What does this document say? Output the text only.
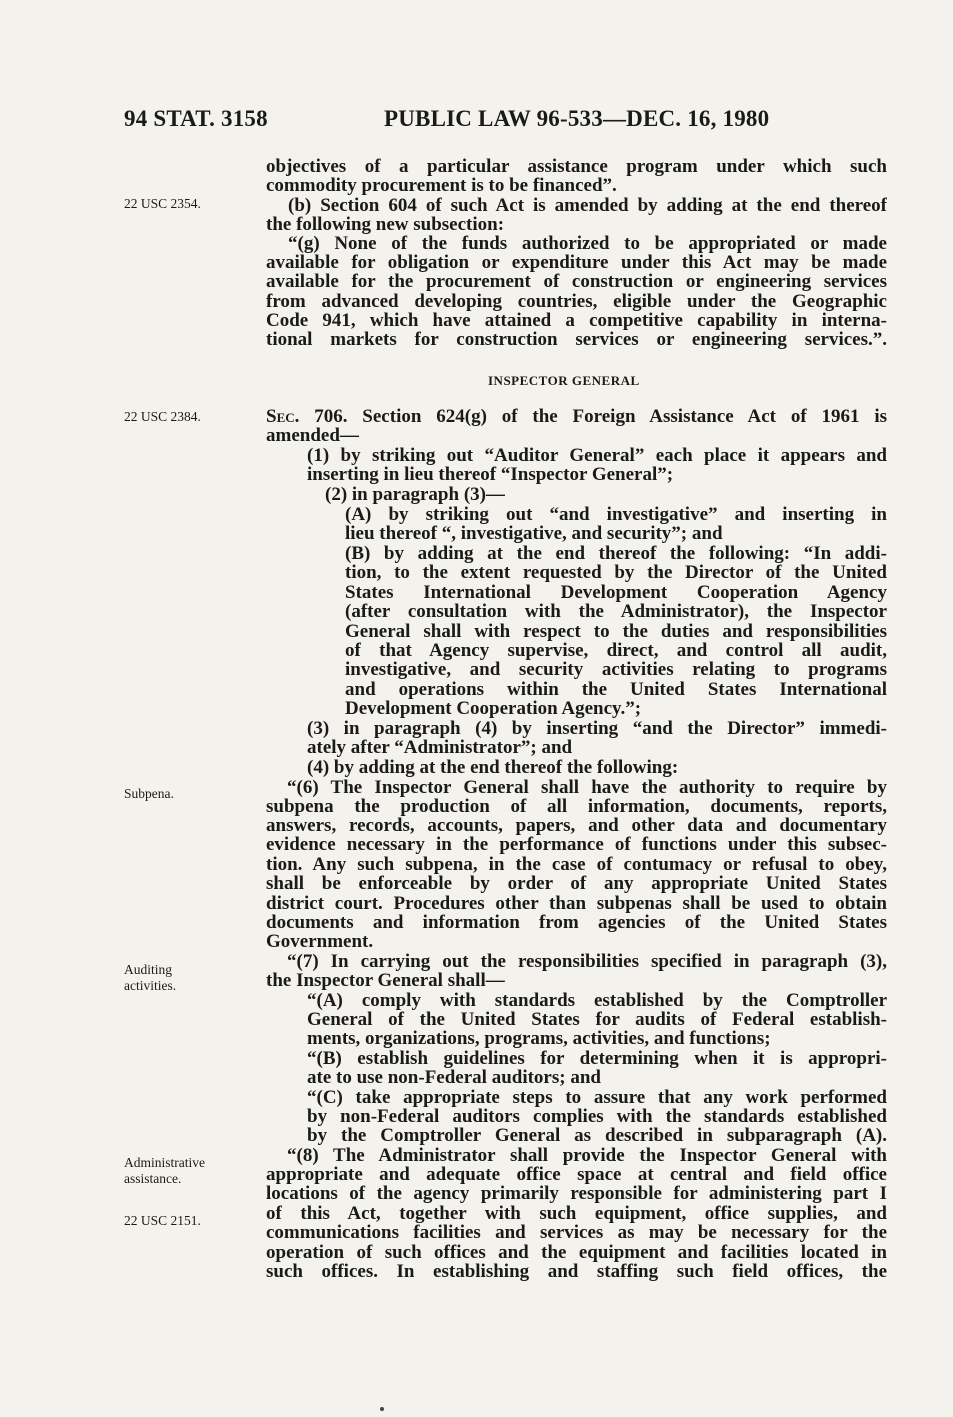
94 STAT. 3158	PUBLIC LAW 96-533—DEC. 16, 1980
22 USC 2354.
22 USC 2384.
Subpena.
Auditing activities.
Administrative assistance.
22 USC 2151.
INSPECTOR GENERAL
objectives of a particular assistance program under which such
commodity procurement is to be financed”.
(b) Section 604 of such Act is amended by adding at the end thereof
the following new subsection:
“(g) None of the funds authorized to be appropriated or made
available for obligation or expenditure under this Act may be made
available for the procurement of construction or engineering services
from advanced developing countries, eligible under the Geographic
Code 941, which have attained a competitive capability in interna-
tional markets for construction services or engineering services.”.
Sec. 706. Section 624(g) of the Foreign Assistance Act of 1961 is
amended—
(1) by striking out “Auditor General” each place it appears and
inserting in lieu thereof “Inspector General”;
(2) in paragraph (3)—
(A) by striking out “and investigative” and inserting in
lieu thereof “, investigative, and security”; and
(B) by adding at the end thereof the following: “In addi-
tion, to the extent requested by the Director of the United
States International Development Cooperation Agency
(after consultation with the Administrator), the Inspector
General shall with respect to the duties and responsibilities
of that Agency supervise, direct, and control all audit,
investigative, and security activities relating to programs
and operations within the United States International
Development Cooperation Agency.”;
(3) in paragraph (4) by inserting “and the Director” immedi-
ately after “Administrator”; and
(4) by adding at the end thereof the following:
“(6) The Inspector General shall have the authority to require by
subpena the production of all information, documents, reports,
answers, records, accounts, papers, and other data and documentary
evidence necessary in the performance of functions under this subsec-
tion. Any such subpena, in the case of contumacy or refusal to obey,
shall be enforceable by order of any appropriate United States
district court. Procedures other than subpenas shall be used to obtain
documents and information from agencies of the United States
Government.
“(7) In carrying out the responsibilities specified in paragraph (3),
the Inspector General shall—
“(A) comply with standards established by the Comptroller
General of the United States for audits of Federal establish-
ments, organizations, programs, activities, and functions;
“(B) establish guidelines for determining when it is appropri-
ate to use non-Federal auditors; and
“(C) take appropriate steps to assure that any work performed
by non-Federal auditors complies with the standards established
by the Comptroller General as described in subparagraph (A).
“(8) The Administrator shall provide the Inspector General with
appropriate and adequate office space at central and field office
locations of the agency primarily responsible for administering part I
of this Act, together with such equipment, office supplies, and
communications facilities and services as may be necessary for the
operation of such offices and the equipment and facilities located in
such offices. In establishing and staffing such field offices, the
